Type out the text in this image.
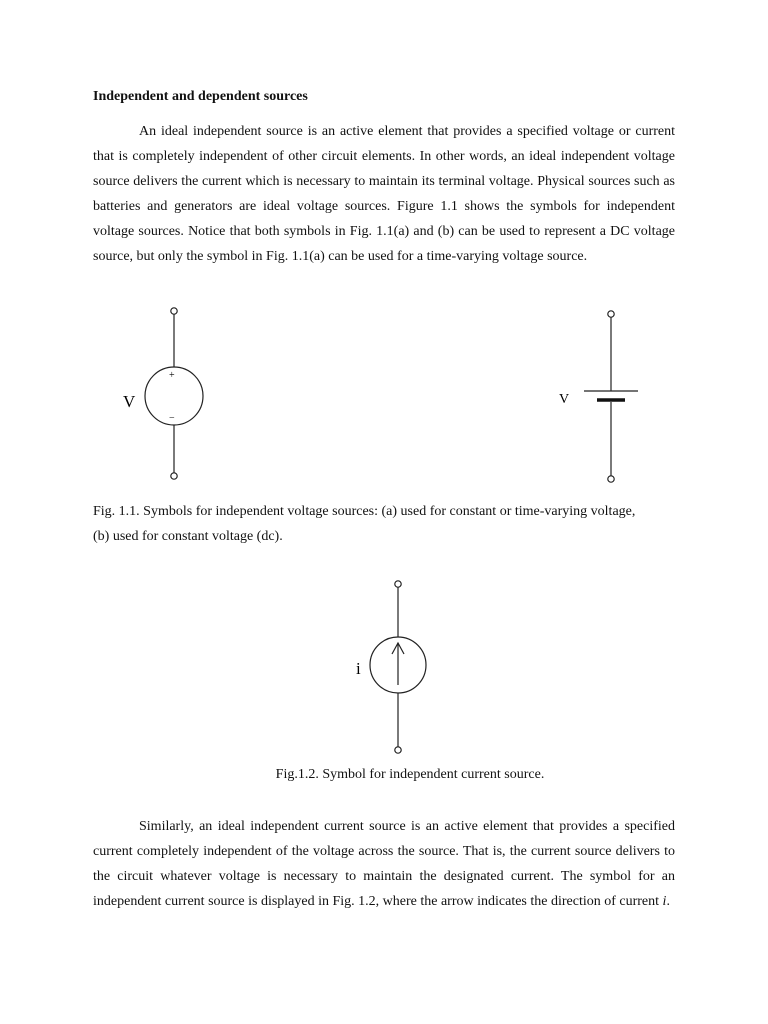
Independent and dependent sources

An ideal independent source is an active element that provides a specified voltage or current that is completely independent of other circuit elements. In other words, an ideal independent voltage source delivers the current which is necessary to maintain its terminal voltage. Physical sources such as batteries and generators are ideal voltage sources. Figure 1.1 shows the symbols for independent voltage sources. Notice that both symbols in Fig. 1.1(a) and (b) can be used to represent a DC voltage source, but only the symbol in Fig. 1.1(a) can be used for a time-varying voltage source.

+
−
V	V

Fig. 1.1. Symbols for independent voltage sources: (a) used for constant or time-varying voltage, (b) used for constant voltage (dc).

i

Fig.1.2. Symbol for independent current source.

Similarly, an ideal independent current source is an active element that provides a specified current completely independent of the voltage across the source. That is, the current source delivers to the circuit whatever voltage is necessary to maintain the designated current. The symbol for an independent current source is displayed in Fig. 1.2, where the arrow indicates the direction of current i.
